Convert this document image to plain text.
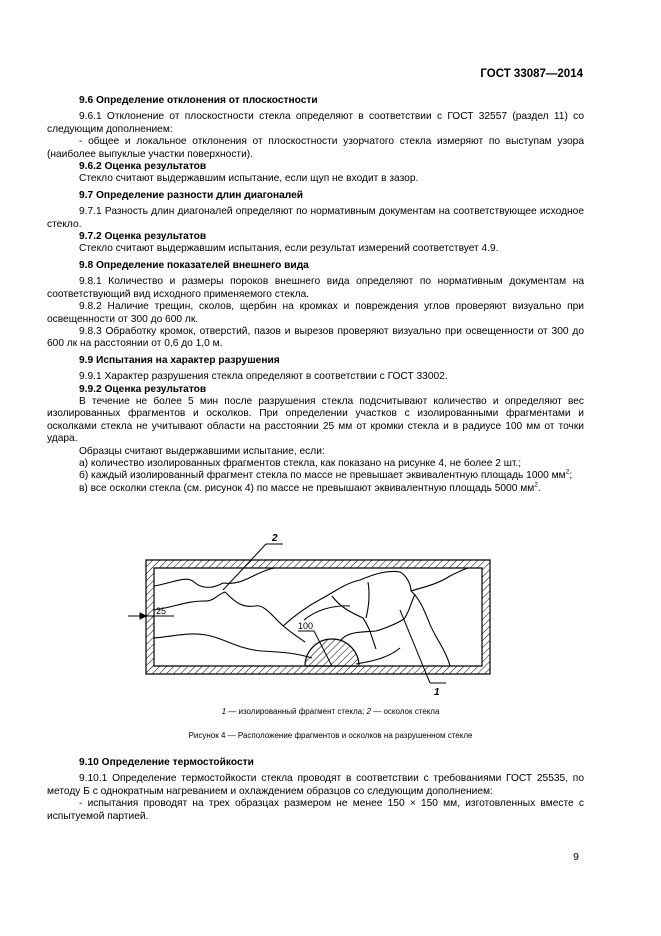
ГОСТ 33087—2014

9.6 Определение отклонения от плоскостности

9.6.1 Отклонение от плоскостности стекла определяют в соответствии с ГОСТ 32557 (раздел 11) со следующим дополнением:

- общее и локальное отклонения от плоскостности узорчатого стекла измеряют по выступам узора (наиболее выпуклые участки поверхности).

9.6.2 Оценка результатов

Стекло считают выдержавшим испытание, если щуп не входит в зазор.

9.7 Определение разности длин диагоналей

9.7.1 Разность длин диагоналей определяют по нормативным документам на соответствующее исходное стекло.

9.7.2 Оценка результатов

Стекло считают выдержавшим испытания, если результат измерений соответствует 4.9.

9.8 Определение показателей внешнего вида

9.8.1 Количество и размеры пороков внешнего вида определяют по нормативным документам на соответствующий вид исходного применяемого стекла.

9.8.2 Наличие трещин, сколов, щербин на кромках и повреждения углов проверяют визуально при освещенности от 300 до 600 лк.

9.8.3 Обработку кромок, отверстий, пазов и вырезов проверяют визуально при освещенности от 300 до 600 лк на расстоянии от 0,6 до 1,0 м.

9.9 Испытания на характер разрушения

9.9.1 Характер разрушения стекла определяют в соответствии с ГОСТ 33002.

9.9.2 Оценка результатов

В течение не более 5 мин после разрушения стекла подсчитывают количество и определяют вес изолированных фрагментов и осколков. При определении участков с изолированными фрагментами и осколками стекла не учитывают области на расстоянии 25 мм от кромки стекла и в радиусе 100 мм от точки удара.

Образцы считают выдержавшими испытание, если:

а) количество изолированных фрагментов стекла, как показано на рисунке 4, не более 2 шт.;

б) каждый изолированный фрагмент стекла по массе не превышает эквивалентную площадь 1000 $мм^2$;

в) все осколки стекла (см. рисунок 4) по массе не превышают эквивалентную площадь 5000 $мм^2$.

25
100
2
1
1 — изолированный фрагмент стекла; 2 — осколок стекла
Рисунок 4 — Расположение фрагментов и осколков на разрушенном стекле

9.10 Определение термостойкости

9.10.1 Определение термостойкости стекла проводят в соответствии с требованиями ГОСТ 25535, по методу Б с однократным нагреванием и охлаждением образцов со следующим дополнением:

- испытания проводят на трех образцах размером не менее 150 × 150 мм, изготовленных вместе с испытуемой партией.

9
